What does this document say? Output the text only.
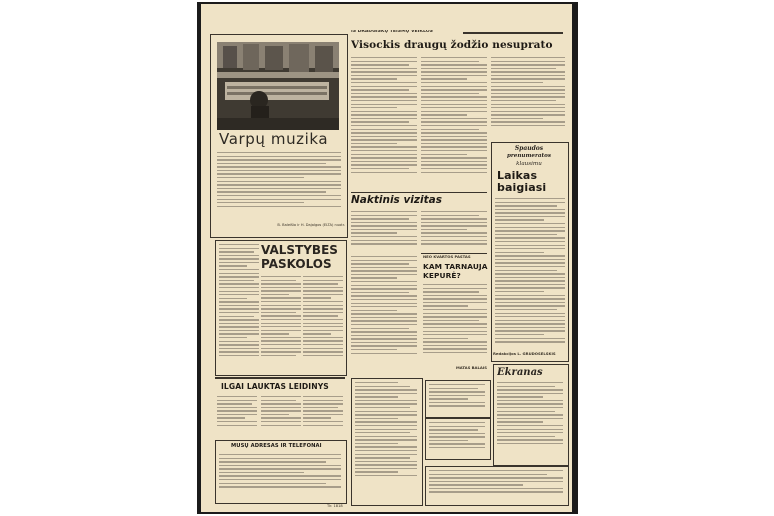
IŠ DRAUGIŠKŲ TEISMŲ VEIKLOS
Visockis draugų žodžio nesuprato
Varpų muzika
B. Baleišio ir H. Dajalgos (ELTA) nuotr.
Naktinis vizitas
Spaudos
prenumeratos
klausimu
Laikas baigiasi
Redakcijos L. GRUDOSELSKIS
VALSTYBĖS
PASKOLOS
NEO KVARTOS PAŠTAS
KAM TARNAUJA
KEPURĖ?
MATAS BALAIS
ILGAI LAUKTAS LEIDINYS
MŪSŲ ADRESAS IR TELEFONAI
Tir. 1818
Ekranas
